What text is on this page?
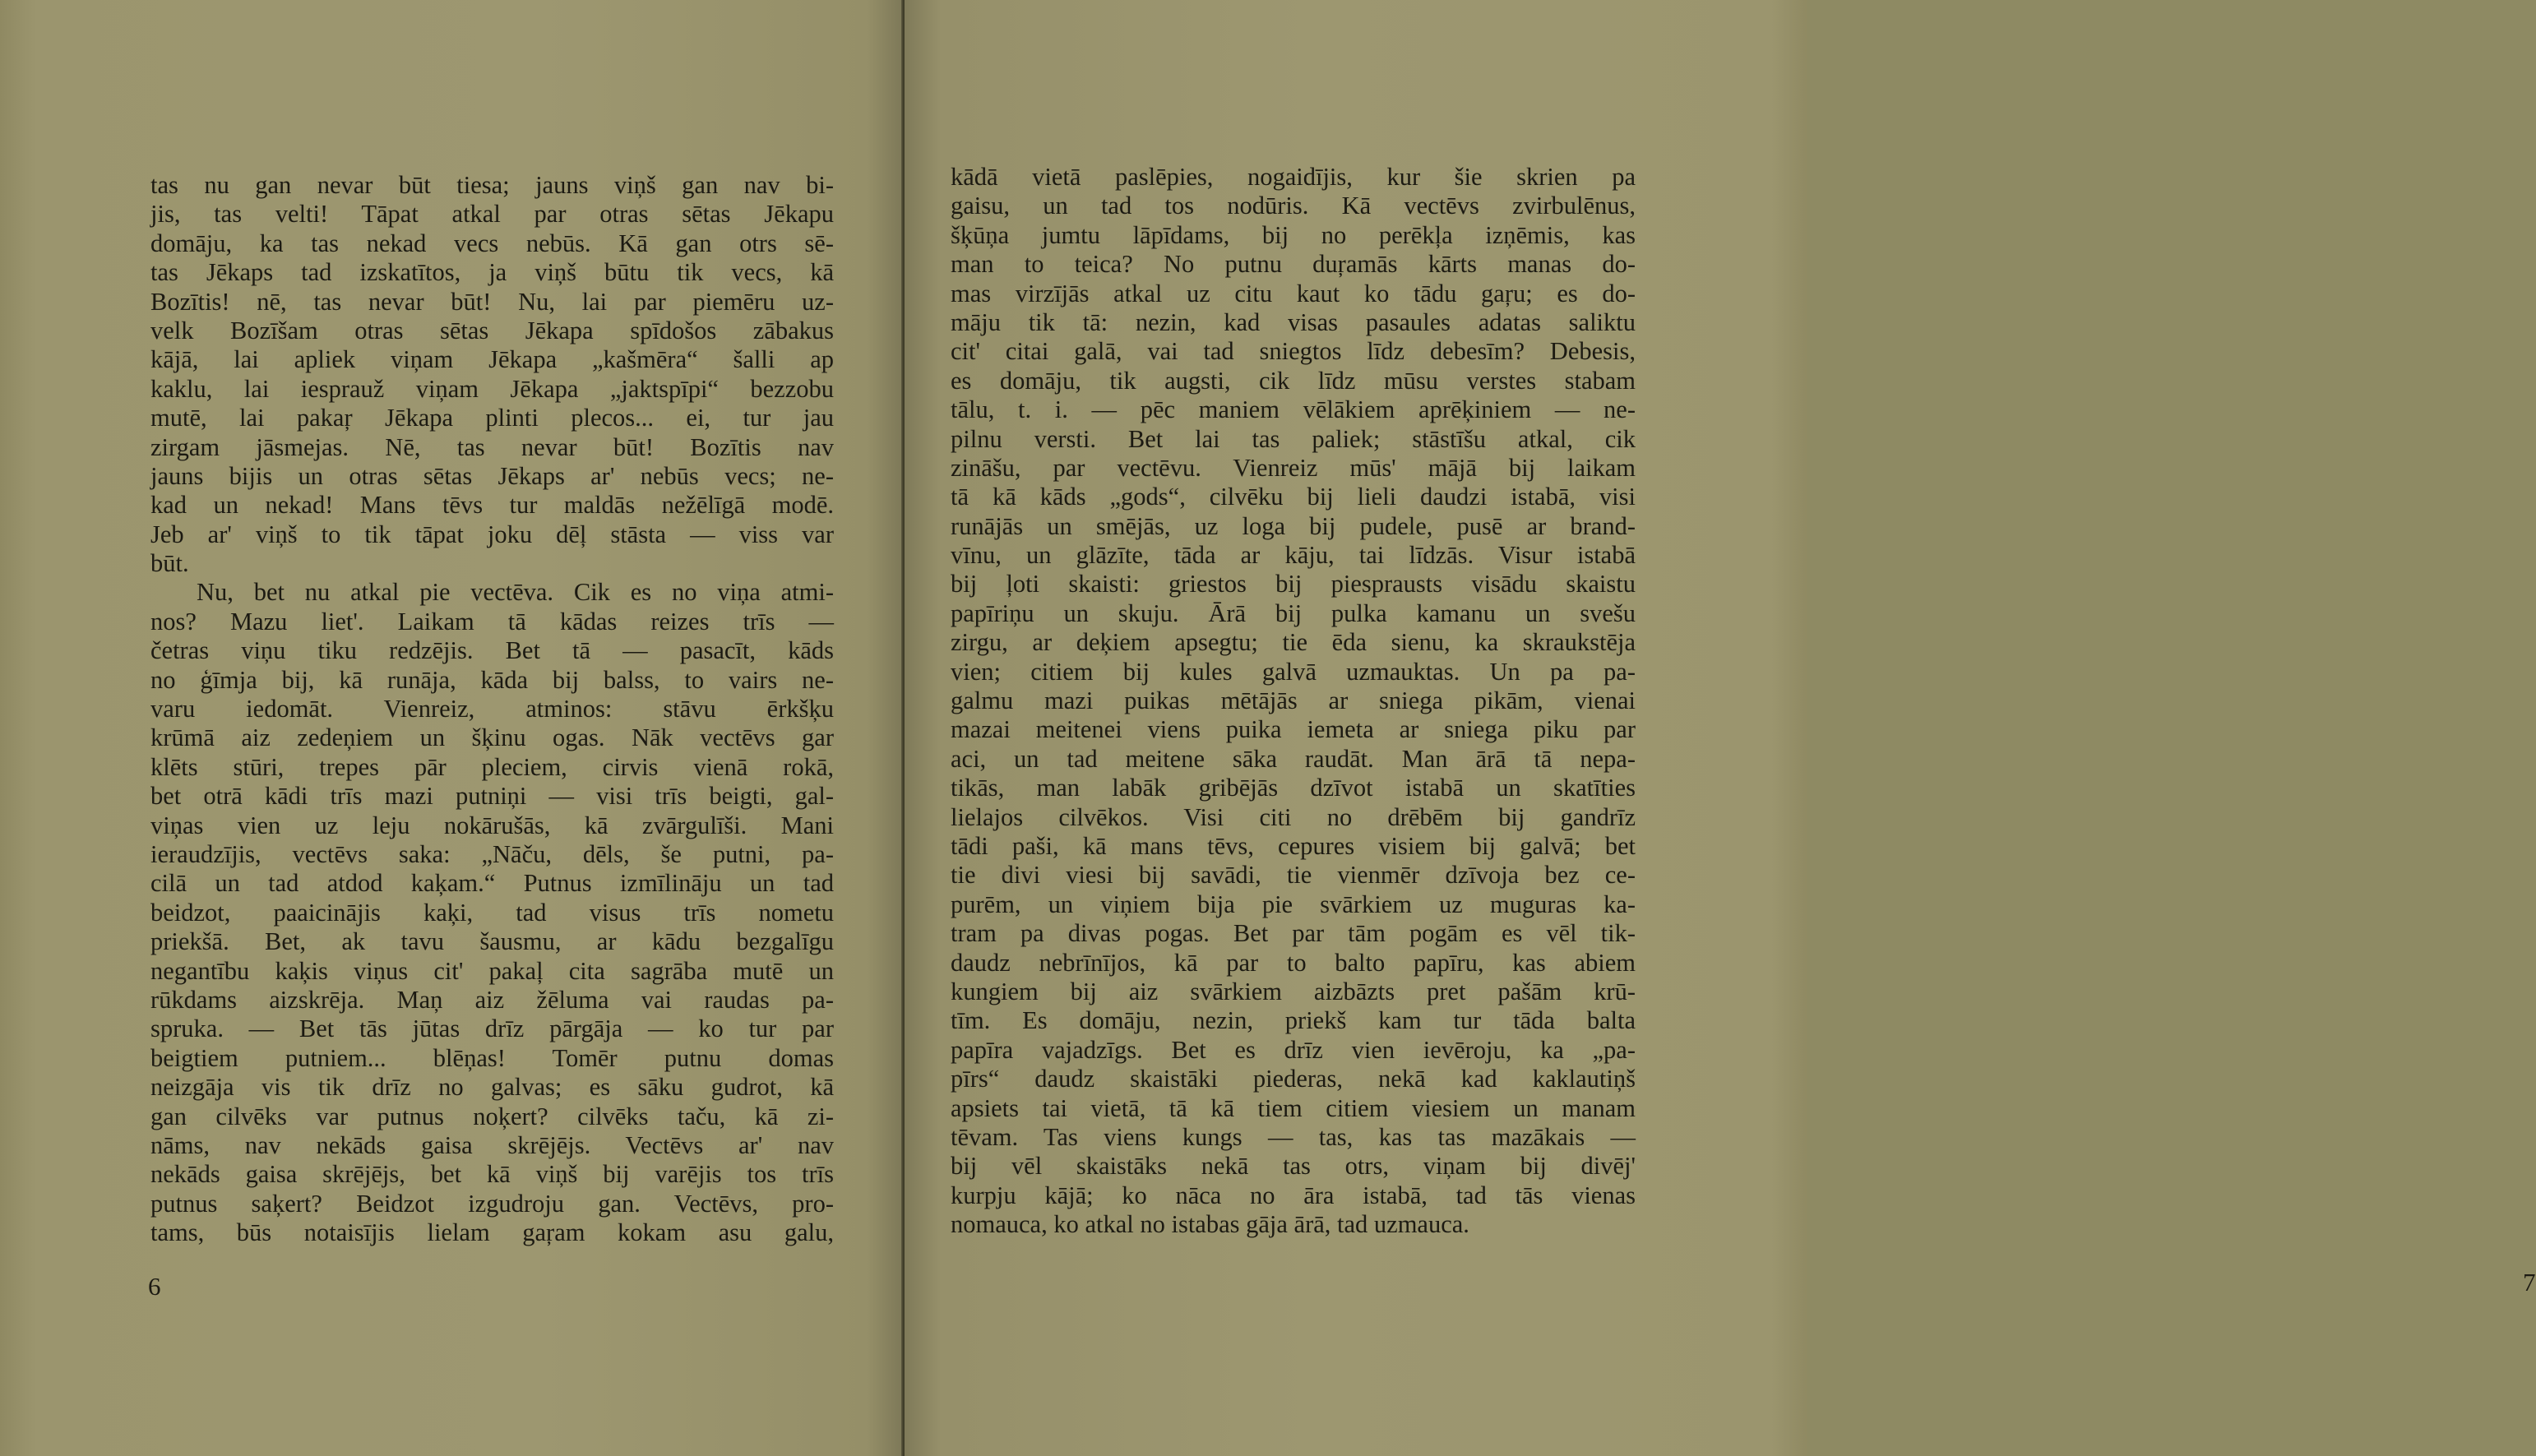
tas nu gan nevar būt tiesa; jauns viņš gan nav bi-
jis, tas velti! Tāpat atkal par otras sētas Jēkapu
domāju, ka tas nekad vecs nebūs. Kā gan otrs sē-
tas Jēkaps tad izskatītos, ja viņš būtu tik vecs, kā
Bozītis! nē, tas nevar būt! Nu, lai par piemēru uz-
velk Bozīšam otras sētas Jēkapa spīdošos zābakus
kājā, lai apliek viņam Jēkapa „kašmēra“ šalli ap
kaklu, lai iesprauž viņam Jēkapa „jaktspīpi“ bezzobu
mutē, lai pakaŗ Jēkapa plinti plecos... ei, tur jau
zirgam jāsmejas. Nē, tas nevar būt! Bozītis nav
jauns bijis un otras sētas Jēkaps ar' nebūs vecs; ne-
kad un nekad! Mans tēvs tur maldās nežēlīgā modē.
Jeb ar' viņš to tik tāpat joku dēļ stāsta — viss var
būt.
Nu, bet nu atkal pie vectēva. Cik es no viņa atmi-
nos? Mazu liet'. Laikam tā kādas reizes trīs —
četras viņu tiku redzējis. Bet tā — pasacīt, kāds
no ģīmja bij, kā runāja, kāda bij balss, to vairs ne-
varu iedomāt. Vienreiz, atminos: stāvu ērkšķu
krūmā aiz zedeņiem un šķinu ogas. Nāk vectēvs gar
klēts stūri, trepes pār pleciem, cirvis vienā rokā,
bet otrā kādi trīs mazi putniņi — visi trīs beigti, gal-
viņas vien uz leju nokārušās, kā zvārgulīši. Mani
ieraudzījis, vectēvs saka: „Nāču, dēls, še putni, pa-
cilā un tad atdod kaķam.“ Putnus izmīlināju un tad
beidzot, paaicinājis kaķi, tad visus trīs nometu
priekšā. Bet, ak tavu šausmu, ar kādu bezgalīgu
negantību kaķis viņus cit' pakaļ cita sagrāba mutē un
rūkdams aizskrēja. Maņ aiz žēluma vai raudas pa-
spruka. — Bet tās jūtas drīz pārgāja — ko tur par
beigtiem putniem... blēņas! Tomēr putnu domas
neizgāja vis tik drīz no galvas; es sāku gudrot, kā
gan cilvēks var putnus noķert? cilvēks taču, kā zi-
nāms, nav nekāds gaisa skrējējs. Vectēvs ar' nav
nekāds gaisa skrējējs, bet kā viņš bij varējis tos trīs
putnus saķert? Beidzot izgudroju gan. Vectēvs, pro-
tams, būs notaisījis lielam gaŗam kokam asu galu,
6	7
kādā vietā paslēpies, nogaidījis, kur šie skrien pa
gaisu, un tad tos nodūris. Kā vectēvs zvirbulēnus,
šķūņa jumtu lāpīdams, bij no perēkļa izņēmis, kas
man to teica? No putnu duŗamās kārts manas do-
mas virzījās atkal uz citu kaut ko tādu gaŗu; es do-
māju tik tā: nezin, kad visas pasaules adatas saliktu
cit' citai galā, vai tad sniegtos līdz debesīm? Debesis,
es domāju, tik augsti, cik līdz mūsu verstes stabam
tālu, t. i. — pēc maniem vēlākiem aprēķiniem — ne-
pilnu versti. Bet lai tas paliek; stāstīšu atkal, cik
zināšu, par vectēvu. Vienreiz mūs' mājā bij laikam
tā kā kāds „gods“, cilvēku bij lieli daudzi istabā, visi
runājās un smējās, uz loga bij pudele, pusē ar brand-
vīnu, un glāzīte, tāda ar kāju, tai līdzās. Visur istabā
bij ļoti skaisti: griestos bij piesprausts visādu skaistu
papīriņu un skuju. Ārā bij pulka kamanu un svešu
zirgu, ar deķiem apsegtu; tie ēda sienu, ka skraukstēja
vien; citiem bij kules galvā uzmauktas. Un pa pa-
galmu mazi puikas mētājās ar sniega pikām, vienai
mazai meitenei viens puika iemeta ar sniega piku par
aci, un tad meitene sāka raudāt. Man ārā tā nepa-
tikās, man labāk gribējās dzīvot istabā un skatīties
lielajos cilvēkos. Visi citi no drēbēm bij gandrīz
tādi paši, kā mans tēvs, cepures visiem bij galvā; bet
tie divi viesi bij savādi, tie vienmēr dzīvoja bez ce-
purēm, un viņiem bija pie svārkiem uz muguras ka-
tram pa divas pogas. Bet par tām pogām es vēl tik-
daudz nebrīnījos, kā par to balto papīru, kas abiem
kungiem bij aiz svārkiem aizbāzts pret pašām krū-
tīm. Es domāju, nezin, priekš kam tur tāda balta
papīra vajadzīgs. Bet es drīz vien ievēroju, ka „pa-
pīrs“ daudz skaistāki piederas, nekā kad kaklautiņš
apsiets tai vietā, tā kā tiem citiem viesiem un manam
tēvam. Tas viens kungs — tas, kas tas mazākais —
bij vēl skaistāks nekā tas otrs, viņam bij divēj'
kurpju kājā; ko nāca no āra istabā, tad tās vienas
nomauca, ko atkal no istabas gāja ārā, tad uzmauca.
